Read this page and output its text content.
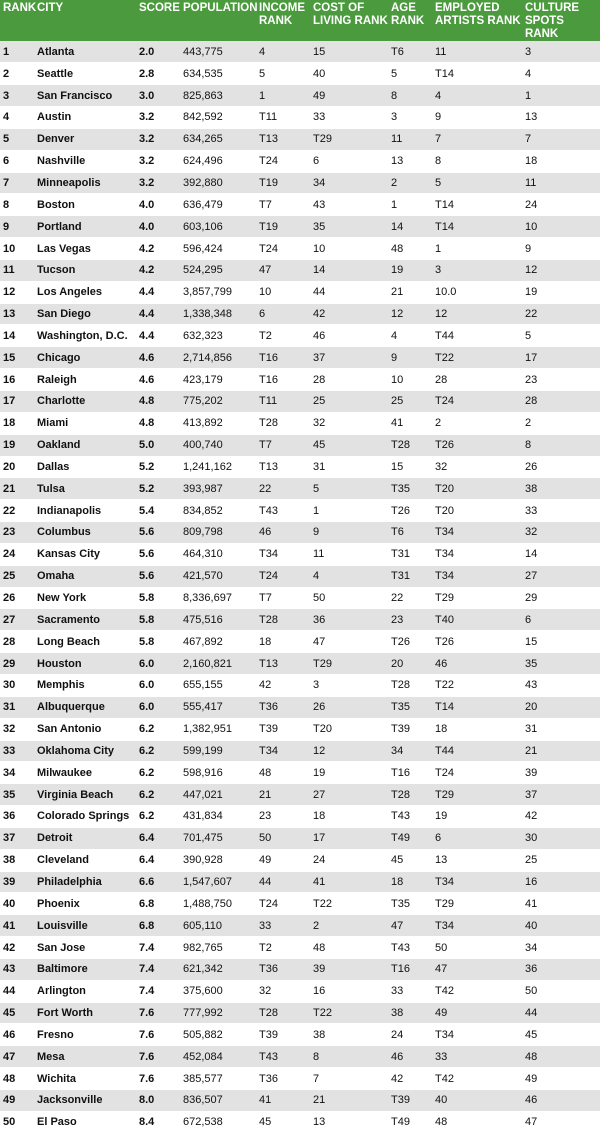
RANK	CITY	SCORE	POPULATION	INCOME RANK	COST OF LIVING RANK	AGE RANK	EMPLOYED ARTISTS RANK	CULTURE SPOTS RANK
1	Atlanta	2.0	443,775	4	15	T6	11	3
2	Seattle	2.8	634,535	5	40	5	T14	4
3	San Francisco	3.0	825,863	1	49	8	4	1
4	Austin	3.2	842,592	T11	33	3	9	13
5	Denver	3.2	634,265	T13	T29	11	7	7
6	Nashville	3.2	624,496	T24	6	13	8	18
7	Minneapolis	3.2	392,880	T19	34	2	5	11
8	Boston	4.0	636,479	T7	43	1	T14	24
9	Portland	4.0	603,106	T19	35	14	T14	10
10	Las Vegas	4.2	596,424	T24	10	48	1	9
11	Tucson	4.2	524,295	47	14	19	3	12
12	Los Angeles	4.4	3,857,799	10	44	21	10.0	19
13	San Diego	4.4	1,338,348	6	42	12	12	22
14	Washington, D.C.	4.4	632,323	T2	46	4	T44	5
15	Chicago	4.6	2,714,856	T16	37	9	T22	17
16	Raleigh	4.6	423,179	T16	28	10	28	23
17	Charlotte	4.8	775,202	T11	25	25	T24	28
18	Miami	4.8	413,892	T28	32	41	2	2
19	Oakland	5.0	400,740	T7	45	T28	T26	8
20	Dallas	5.2	1,241,162	T13	31	15	32	26
21	Tulsa	5.2	393,987	22	5	T35	T20	38
22	Indianapolis	5.4	834,852	T43	1	T26	T20	33
23	Columbus	5.6	809,798	46	9	T6	T34	32
24	Kansas City	5.6	464,310	T34	11	T31	T34	14
25	Omaha	5.6	421,570	T24	4	T31	T34	27
26	New York	5.8	8,336,697	T7	50	22	T29	29
27	Sacramento	5.8	475,516	T28	36	23	T40	6
28	Long Beach	5.8	467,892	18	47	T26	T26	15
29	Houston	6.0	2,160,821	T13	T29	20	46	35
30	Memphis	6.0	655,155	42	3	T28	T22	43
31	Albuquerque	6.0	555,417	T36	26	T35	T14	20
32	San Antonio	6.2	1,382,951	T39	T20	T39	18	31
33	Oklahoma City	6.2	599,199	T34	12	34	T44	21
34	Milwaukee	6.2	598,916	48	19	T16	T24	39
35	Virginia Beach	6.2	447,021	21	27	T28	T29	37
36	Colorado Springs	6.2	431,834	23	18	T43	19	42
37	Detroit	6.4	701,475	50	17	T49	6	30
38	Cleveland	6.4	390,928	49	24	45	13	25
39	Philadelphia	6.6	1,547,607	44	41	18	T34	16
40	Phoenix	6.8	1,488,750	T24	T22	T35	T29	41
41	Louisville	6.8	605,110	33	2	47	T34	40
42	San Jose	7.4	982,765	T2	48	T43	50	34
43	Baltimore	7.4	621,342	T36	39	T16	47	36
44	Arlington	7.4	375,600	32	16	33	T42	50
45	Fort Worth	7.6	777,992	T28	T22	38	49	44
46	Fresno	7.6	505,882	T39	38	24	T34	45
47	Mesa	7.6	452,084	T43	8	46	33	48
48	Wichita	7.6	385,577	T36	7	42	T42	49
49	Jacksonville	8.0	836,507	41	21	T39	40	46
50	El Paso	8.4	672,538	45	13	T49	48	47
